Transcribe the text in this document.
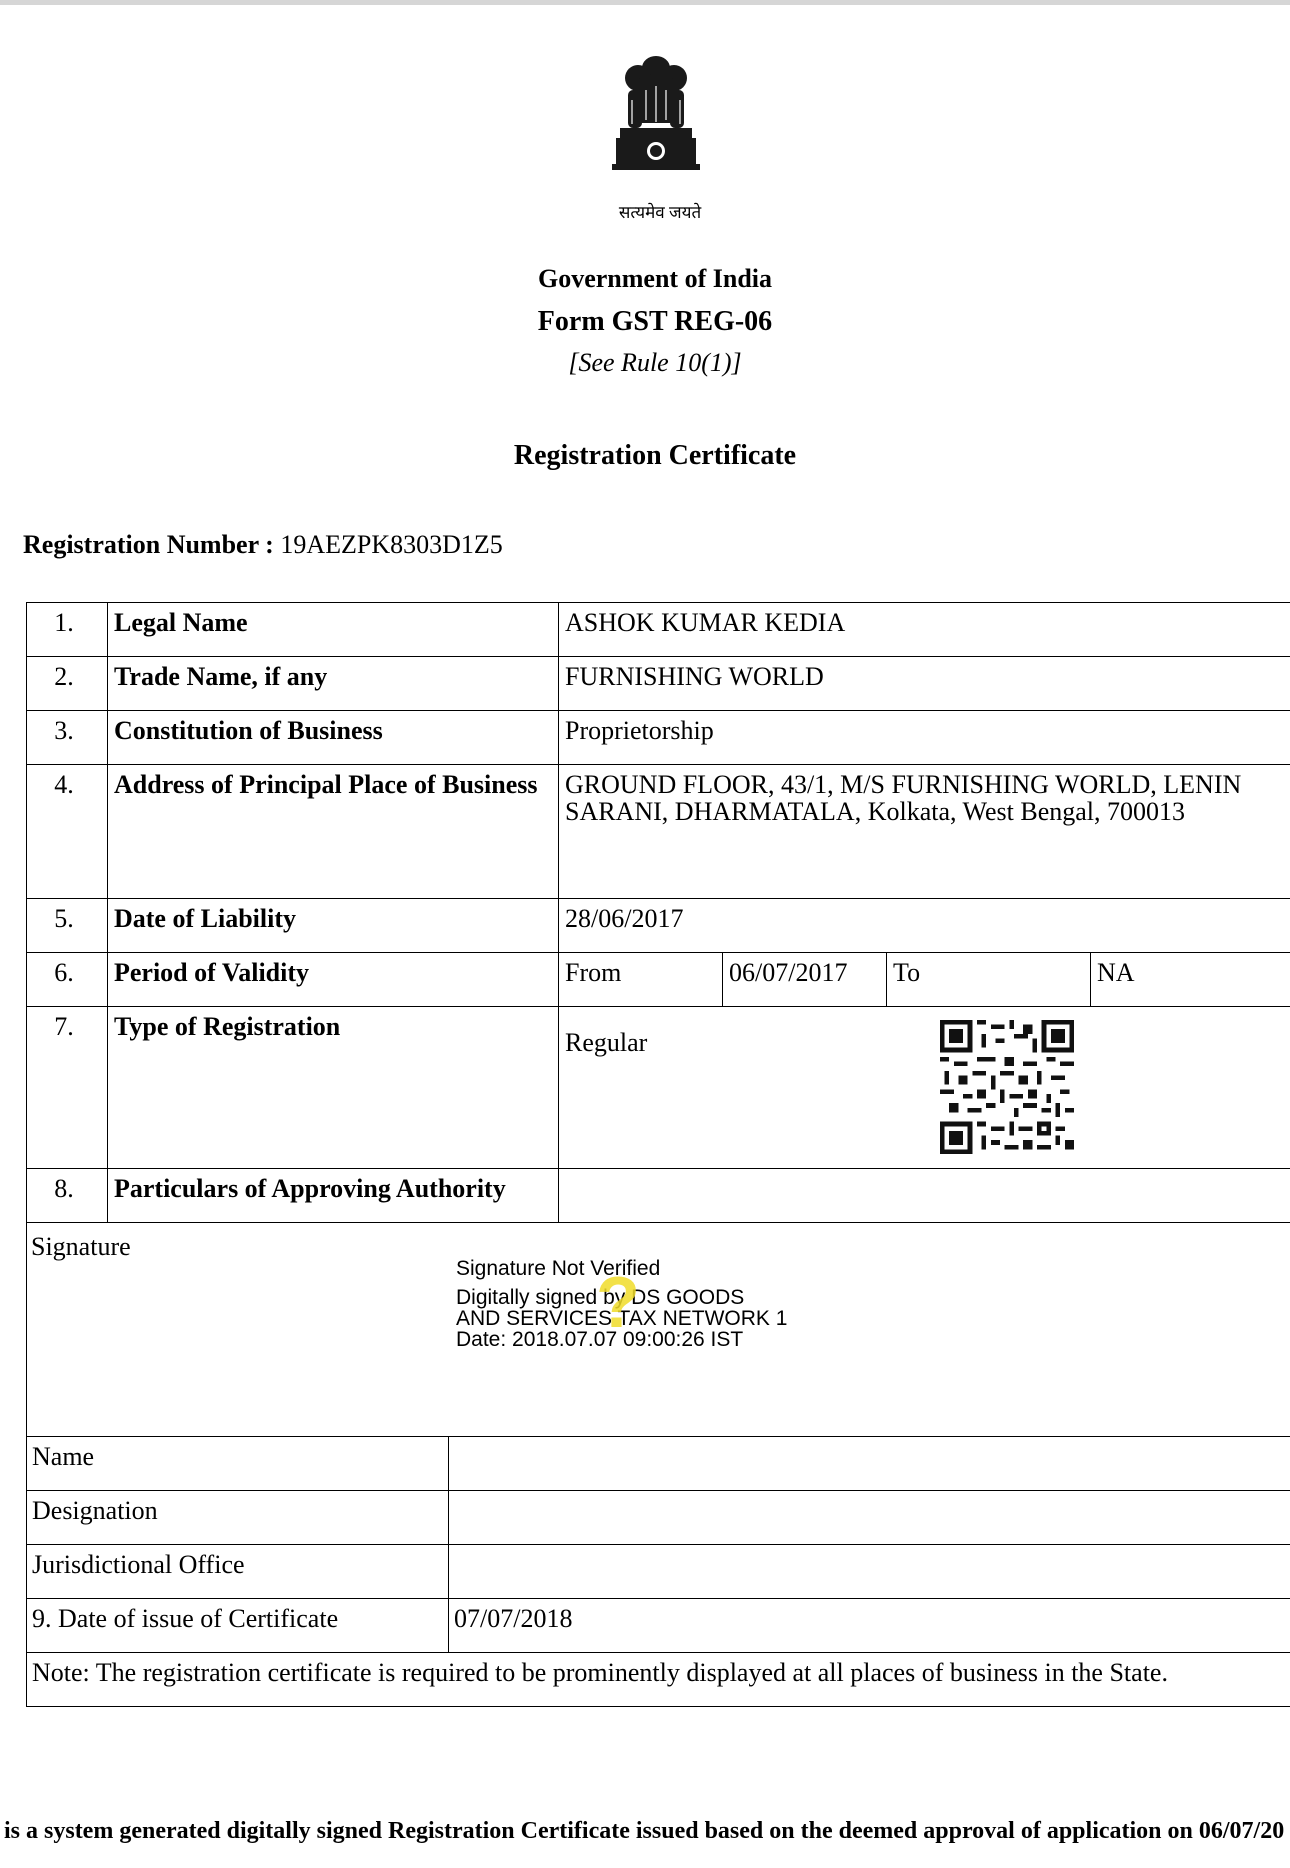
सत्यमेव जयते
Government of India
Form GST REG-06
[See Rule 10(1)]
Registration Certificate
Registration Number : 19AEZPK8303D1Z5
1.	Legal Name	ASHOK KUMAR KEDIA			
2.	Trade Name, if any	FURNISHING WORLD			
3.	Constitution of Business	Proprietorship			
4.	Address of Principal Place of Business	GROUND FLOOR, 43/1, M/S FURNISHING WORLD, LENIN SARANI, DHARMATALA, Kolkata, West Bengal, 700013			
5.	Date of Liability	28/06/2017			
6.	Period of Validity	From	06/07/2017	To	NA
7.	Type of Registration	Regular			
8.	Particulars of Approving Authority				
Signature
Signature Not Verified
Digitally signed by DS GOODS
AND SERVICES TAX NETWORK 1
Date: 2018.07.07 09:00:26 IST
?
Name	
Designation	
Jurisdictional Office	
9. Date of issue of Certificate	07/07/2018
Note: The registration certificate is required to be prominently displayed at all places of business in the State.	
is a system generated digitally signed Registration Certificate issued based on the deemed approval of application on 06/07/20
